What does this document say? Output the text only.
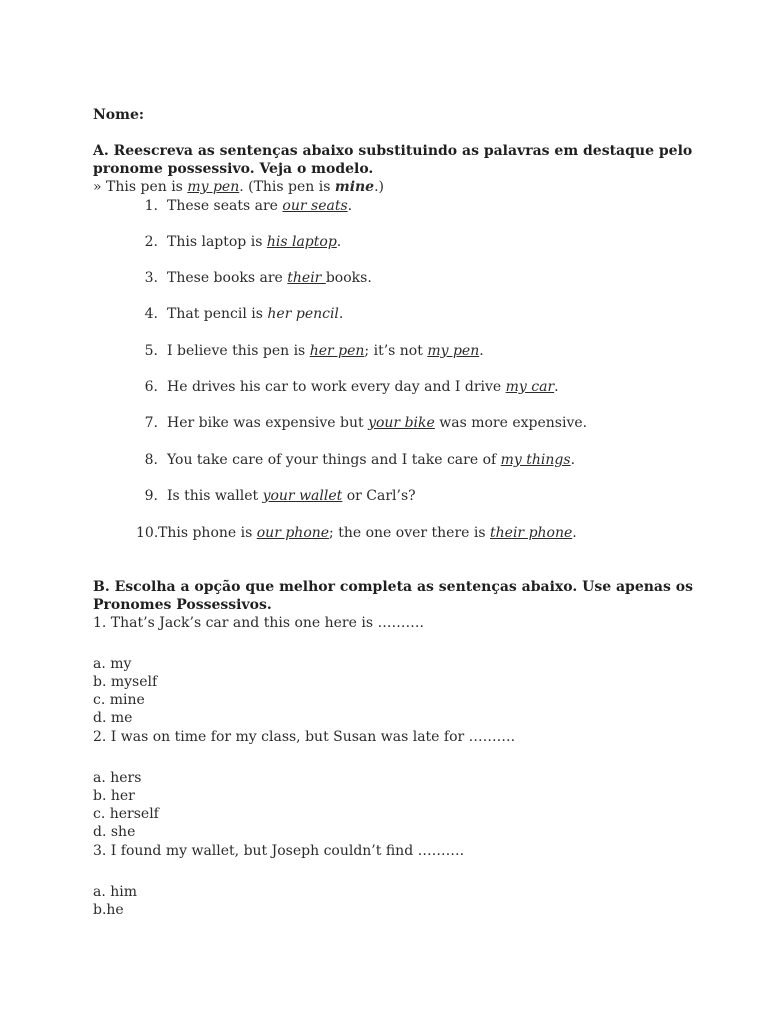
Nome:
A. Reescreva as sentenças abaixo substituindo as palavras em destaque pelo
pronome possessivo. Veja o modelo.
» This pen is my pen. (This pen is mine.)
1. These seats are our seats.
2. This laptop is his laptop.
3. These books are their books.
4. That pencil is her pencil.
5. I believe this pen is her pen; it’s not my pen.
6. He drives his car to work every day and I drive my car.
7. Her bike was expensive but your bike was more expensive.
8. You take care of your things and I take care of my things.
9. Is this wallet your wallet or Carl’s?
10.This phone is our phone; the one over there is their phone.
B. Escolha a opção que melhor completa as sentenças abaixo. Use apenas os
Pronomes Possessivos.
1. That’s Jack’s car and this one here is ……….
a. my
b. myself
c. mine
d. me
2. I was on time for my class, but Susan was late for ……….
a. hers
b. her
c. herself
d. she
3. I found my wallet, but Joseph couldn’t find ……….
a. him
b.he
